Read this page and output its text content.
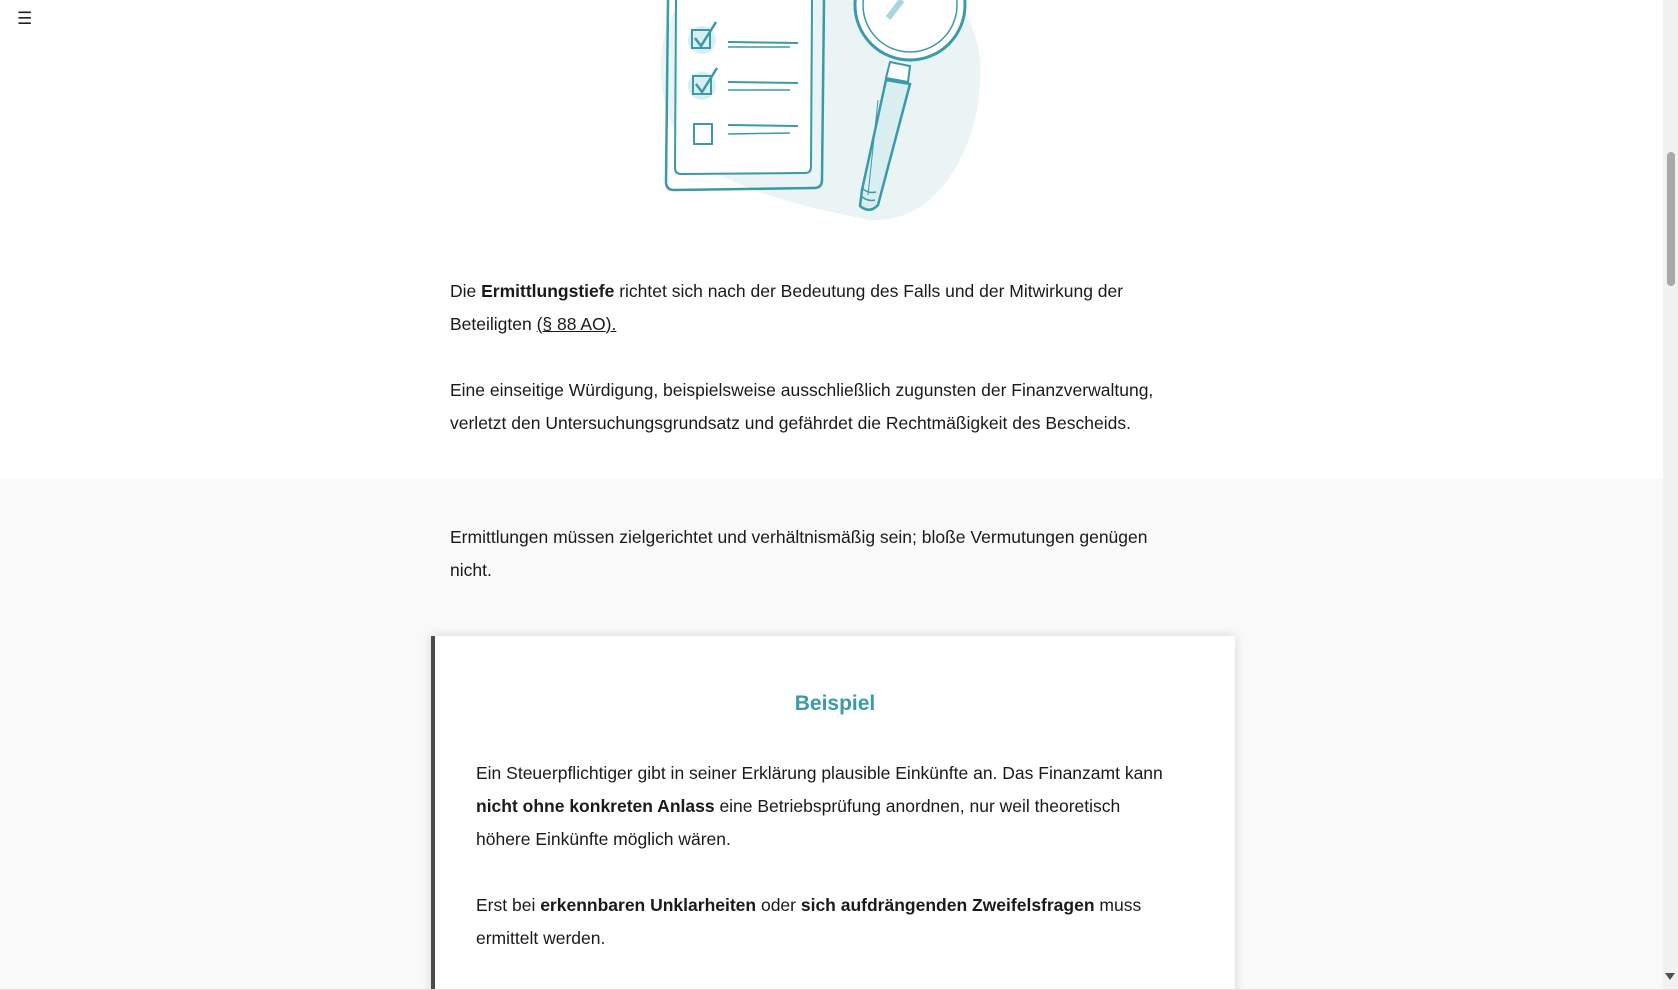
Die Ermittlungstiefe richtet sich nach der Bedeutung des Falls und der Mitwirkung der Beteiligten (§ 88 AO).

Eine einseitige Würdigung, beispielsweise ausschließlich zugunsten der Finanzverwaltung, verletzt den Untersuchungsgrundsatz und gefährdet die Rechtmäßigkeit des Bescheids.

Ermittlungen müssen zielgerichtet und verhältnismäßig sein; bloße Vermutungen genügen nicht.

Beispiel

Ein Steuerpflichtiger gibt in seiner Erklärung plausible Einkünfte an. Das Finanzamt kann nicht ohne konkreten Anlass eine Betriebsprüfung anordnen, nur weil theoretisch höhere Einkünfte möglich wären.

Erst bei erkennbaren Unklarheiten oder sich aufdrängenden Zweifelsfragen muss ermittelt werden.

☰
